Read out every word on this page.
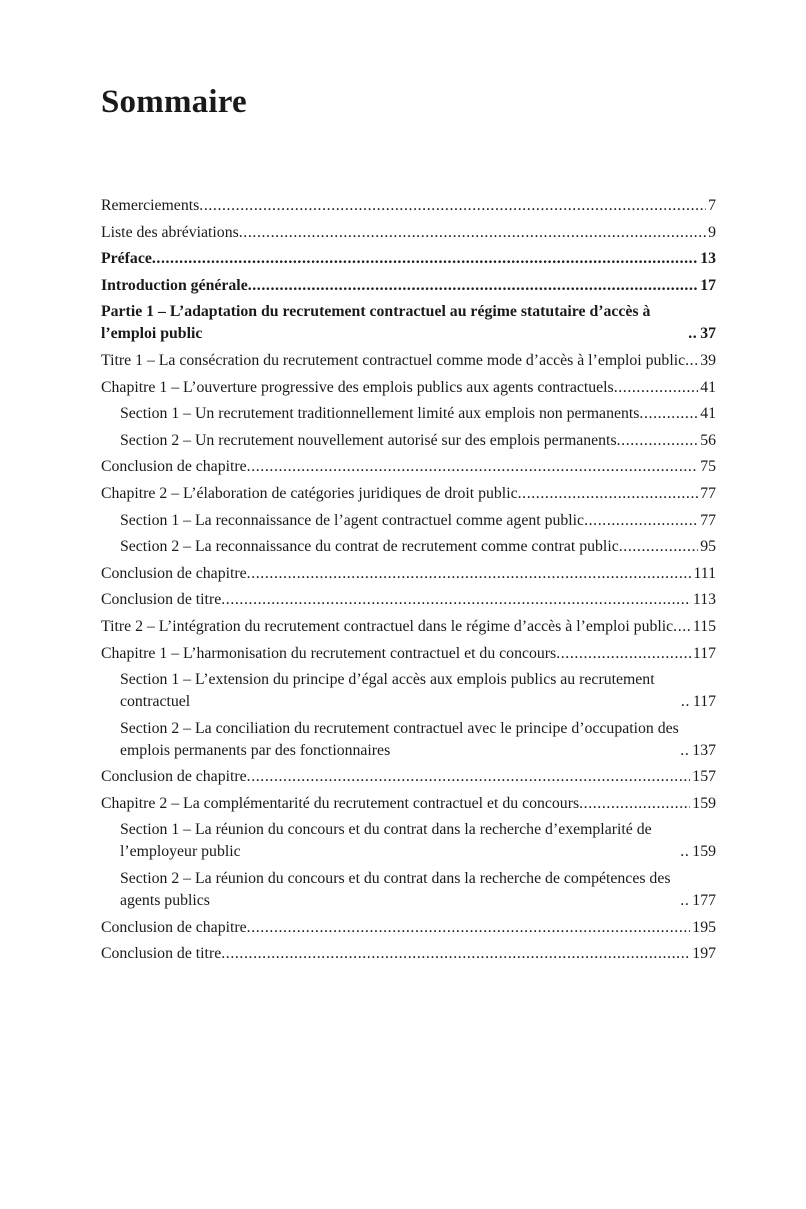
Sommaire
Remerciements .....	7
Liste des abréviations .....	9
Préface .....	13
Introduction générale .....	17
Partie 1 – L’adaptation du recrutement contractuel au régime statutaire d’accès à l’emploi public .....	37
Titre 1 – La consécration du recrutement contractuel comme mode d’accès à l’emploi public ..... 39
Chapitre 1 – L’ouverture progressive des emplois publics aux agents contractuels .....	41
Section 1 – Un recrutement traditionnellement limité aux emplois non permanents .....	41
Section 2 – Un recrutement nouvellement autorisé sur des emplois permanents .....	56
Conclusion de chapitre .....	75
Chapitre 2 – L’élaboration de catégories juridiques de droit public .....	77
Section 1 – La reconnaissance de l’agent contractuel comme agent public .....	77
Section 2 – La reconnaissance du contrat de recrutement comme contrat public .....	95
Conclusion de chapitre .....	111
Conclusion de titre .....	113
Titre 2 – L’intégration du recrutement contractuel dans le régime d’accès à l’emploi public ..... 115
Chapitre 1 – L’harmonisation du recrutement contractuel et du concours .....	117
Section 1 – L’extension du principe d’égal accès aux emplois publics au recrutement contractuel .....	117
Section 2 – La conciliation du recrutement contractuel avec le principe d’occupation des emplois permanents par des fonctionnaires .....	137
Conclusion de chapitre .....	157
Chapitre 2 – La complémentarité du recrutement contractuel et du concours .....	159
Section 1 – La réunion du concours et du contrat dans la recherche d’exemplarité de l’employeur public .....	159
Section 2 – La réunion du concours et du contrat dans la recherche de compétences des agents publics .....	177
Conclusion de chapitre .....	195
Conclusion de titre .....	197
